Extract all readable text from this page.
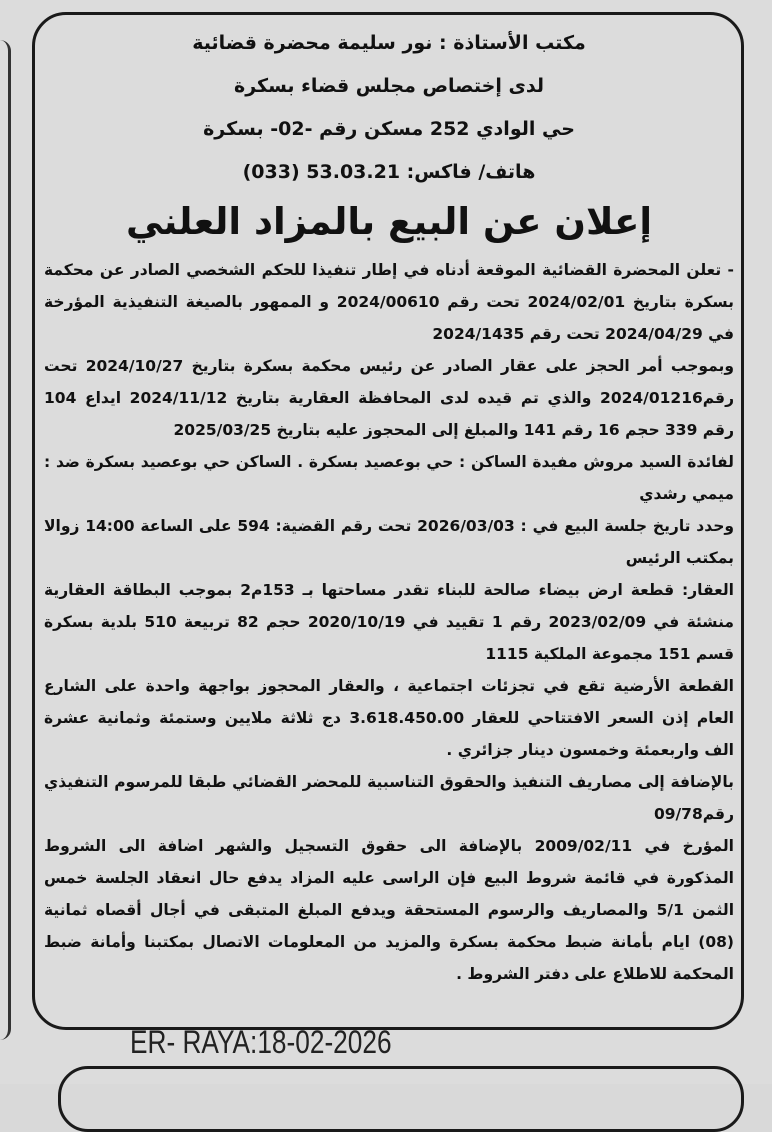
مكتب الأستاذة : نور سليمة محضرة قضائية
لدى إختصاص مجلس قضاء بسكرة
حي الوادي 252 مسكن رقم -02- بسكرة
هاتف/ فاكس: 53.03.21 (033)
إعلان عن البيع بالمزاد العلني

- تعلن المحضرة القضائية الموقعة أدناه في إطار تنفيذا للحكم الشخصي الصادر عن محكمة بسكرة بتاريخ 2024/02/01 تحت رقم 2024/00610 و الممهور بالصيغة التنفيذية المؤرخة في 2024/04/29 تحت رقم 2024/1435

وبموجب أمر الحجز على عقار الصادر عن رئيس محكمة بسكرة بتاريخ 2024/10/27 تحت رقم2024/01216 والذي تم قيده لدى المحافظة العقارية بتاريخ 2024/11/12 ايداع 104 رقم 339 حجم 16 رقم 141 والمبلغ إلى المحجوز عليه بتاريخ 2025/03/25

لفائدة السيد مروش مفيدة الساكن : حي بوعصيد بسكرة . الساكن حي بوعصيد بسكرة ضد : ميمي رشدي

وحدد تاريخ جلسة البيع في : 2026/03/03 تحت رقم القضية: 594 على الساعة 14:00 زوالا بمكتب الرئيس

العقار: قطعة ارض بيضاء صالحة للبناء تقدر مساحتها بـ 153م2 بموجب البطاقة العقارية منشئة في 2023/02/09 رقم 1 تقييد في 2020/10/19 حجم 82 تربيعة 510 بلدية بسكرة قسم 151 مجموعة الملكية 1115

القطعة الأرضية تقع في تجزئات اجتماعية ، والعقار المحجوز بواجهة واحدة على الشارع العام إذن السعر الافتتاحي للعقار 3.618.450.00 دج ثلاثة ملايين وستمئة وثمانية عشرة الف واربعمئة وخمسون دينار جزائري .

بالإضافة إلى مصاريف التنفيذ والحقوق التناسبية للمحضر القضائي طبقا للمرسوم التنفيذي رقم09/78

المؤرخ في 2009/02/11 بالإضافة الى حقوق التسجيل والشهر اضافة الى الشروط المذكورة في قائمة شروط البيع فإن الراسى عليه المزاد يدفع حال انعقاد الجلسة خمس الثمن 5/1 والمصاريف والرسوم المستحقة ويدفع المبلغ المتبقى في أجال أقصاه ثمانية (08) ايام بأمانة ضبط محكمة بسكرة والمزيد من المعلومات الاتصال بمكتبنا وأمانة ضبط المحكمة للاطلاع على دفتر الشروط .

ER- RAYA:18-02-2026
